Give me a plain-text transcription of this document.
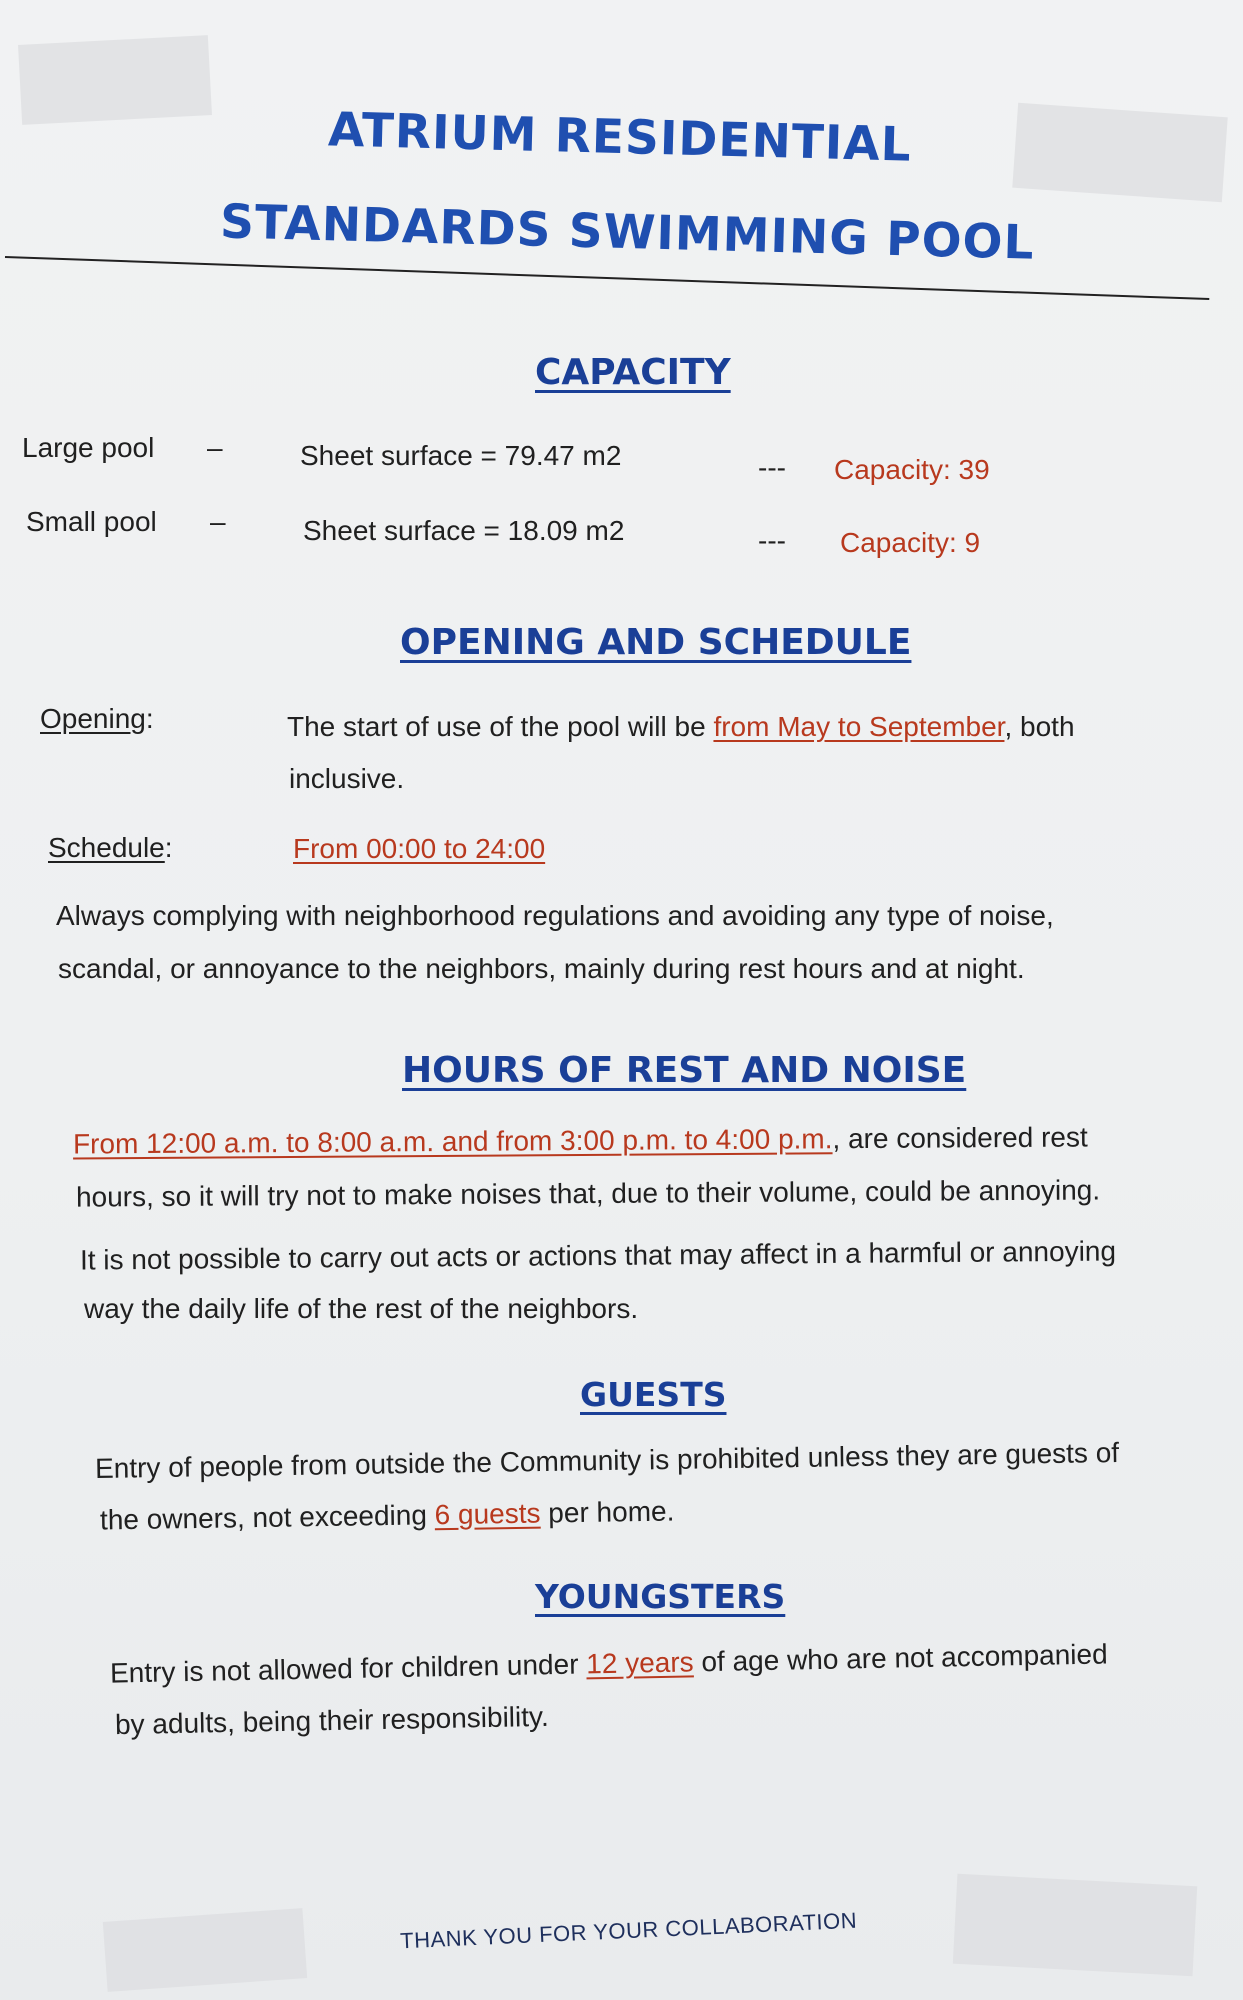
ATRIUM RESIDENTIAL

STANDARDS SWIMMING POOL

CAPACITY

Large pool –	Sheet surface = 79.47 m2	--- Capacity: 39

Small pool –	Sheet surface = 18.09 m2	--- Capacity: 9

OPENING AND SCHEDULE

Opening:	The start of use of the pool will be from May to September, both

inclusive.

Schedule:	From 00:00 to 24:00

Always complying with neighborhood regulations and avoiding any type of noise,

scandal, or annoyance to the neighbors, mainly during rest hours and at night.

HOURS OF REST AND NOISE

From 12:00 a.m. to 8:00 a.m. and from 3:00 p.m. to 4:00 p.m., are considered rest

hours, so it will try not to make noises that, due to their volume, could be annoying.

It is not possible to carry out acts or actions that may affect in a harmful or annoying

way the daily life of the rest of the neighbors.

GUESTS

Entry of people from outside the Community is prohibited unless they are guests of

the owners, not exceeding 6 guests per home.

YOUNGSTERS

Entry is not allowed for children under 12 years of age who are not accompanied

by adults, being their responsibility.

THANK YOU FOR YOUR COLLABORATION
